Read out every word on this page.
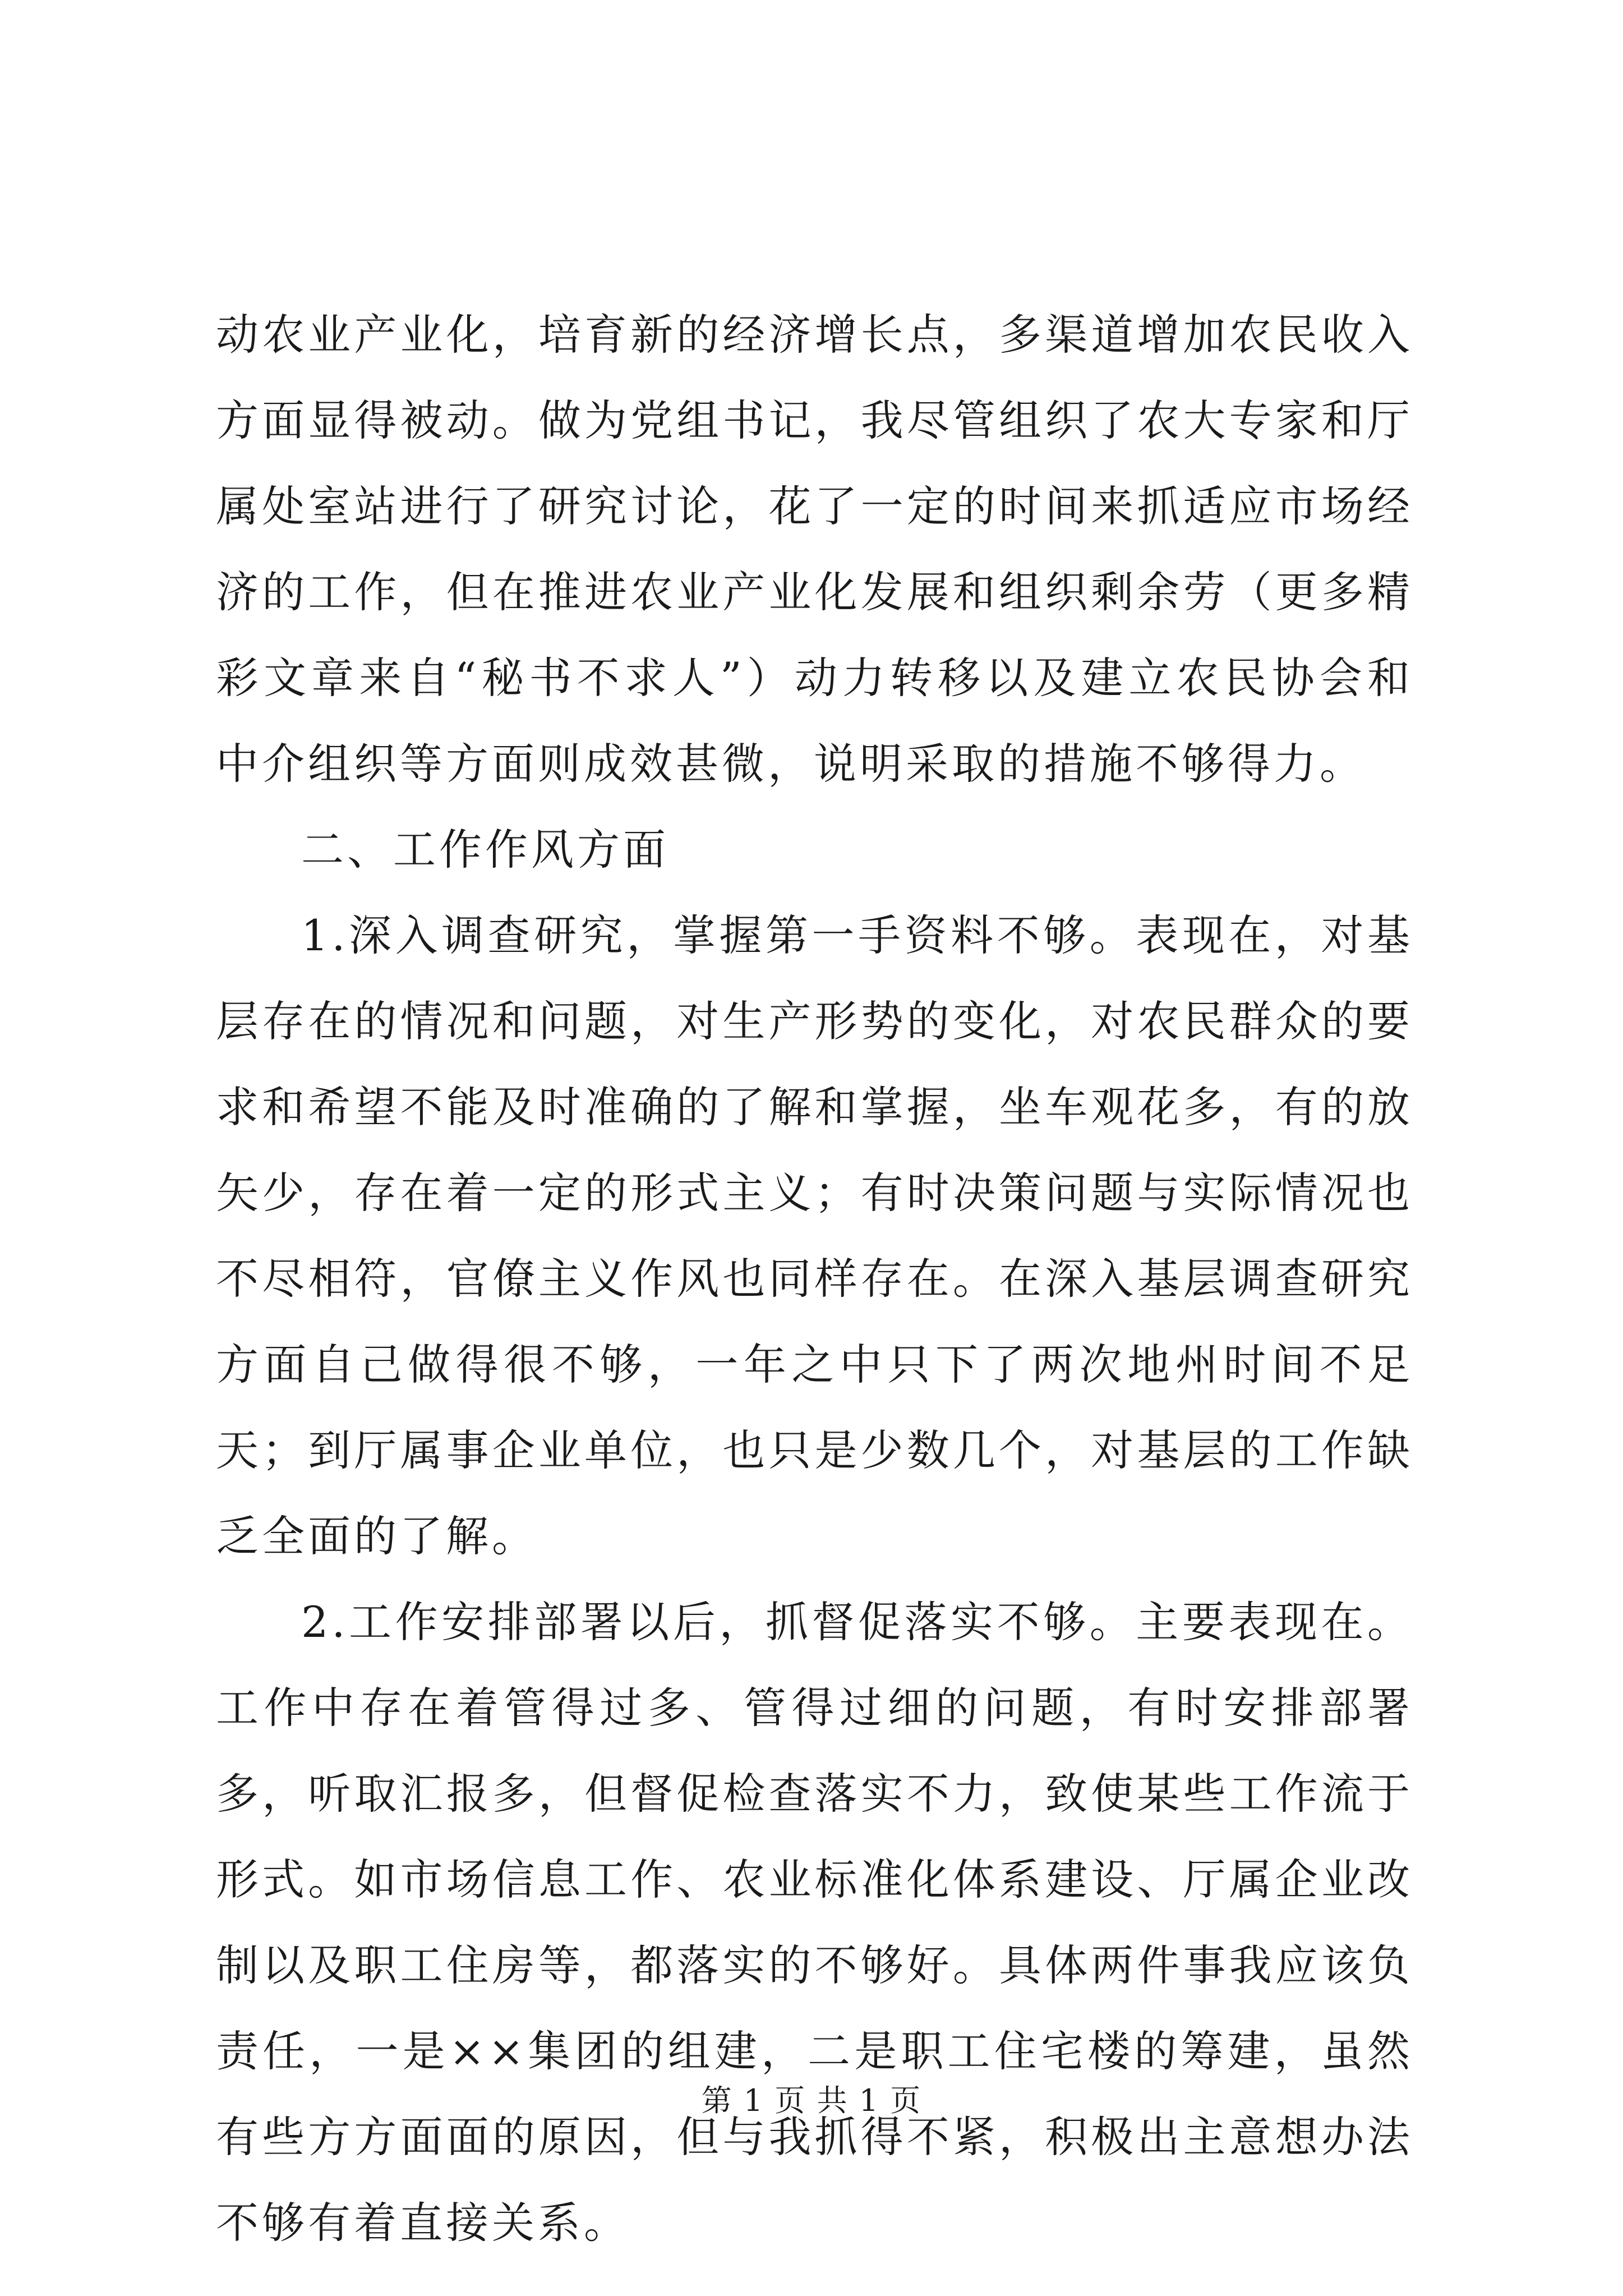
动农业产业化，培育新的经济增长点，多渠道增加农民收入方面显得被动。做为党组书记，我尽管组织了农大专家和厅属处室站进行了研究讨论，花了一定的时间来抓适应市场经济的工作，但在推进农业产业化发展和组织剩余劳（更多精彩文章来自“秘书不求人”）动力转移以及建立农民协会和中介组织等方面则成效甚微，说明采取的措施不够得力。

二、工作作风方面

1.深入调查研究，掌握第一手资料不够。表现在，对基层存在的情况和问题，对生产形势的变化，对农民群众的要求和希望不能及时准确的了解和掌握，坐车观花多，有的放矢少，存在着一定的形式主义；有时决策问题与实际情况也不尽相符，官僚主义作风也同样存在。在深入基层调查研究方面自己做得很不够，一年之中只下了两次地州时间不足天；到厅属事企业单位，也只是少数几个，对基层的工作缺乏全面的了解。

2.工作安排部署以后，抓督促落实不够。主要表现在。工作中存在着管得过多、管得过细的问题，有时安排部署多，听取汇报多，但督促检查落实不力，致使某些工作流于形式。如市场信息工作、农业标准化体系建设、厅属企业改制以及职工住房等，都落实的不够好。具体两件事我应该负责任，一是××集团的组建，二是职工住宅楼的筹建，虽然有些方方面面的原因，但与我抓得不紧，积极出主意想办法不够有着直接关系。

第 1 页 共 1 页
